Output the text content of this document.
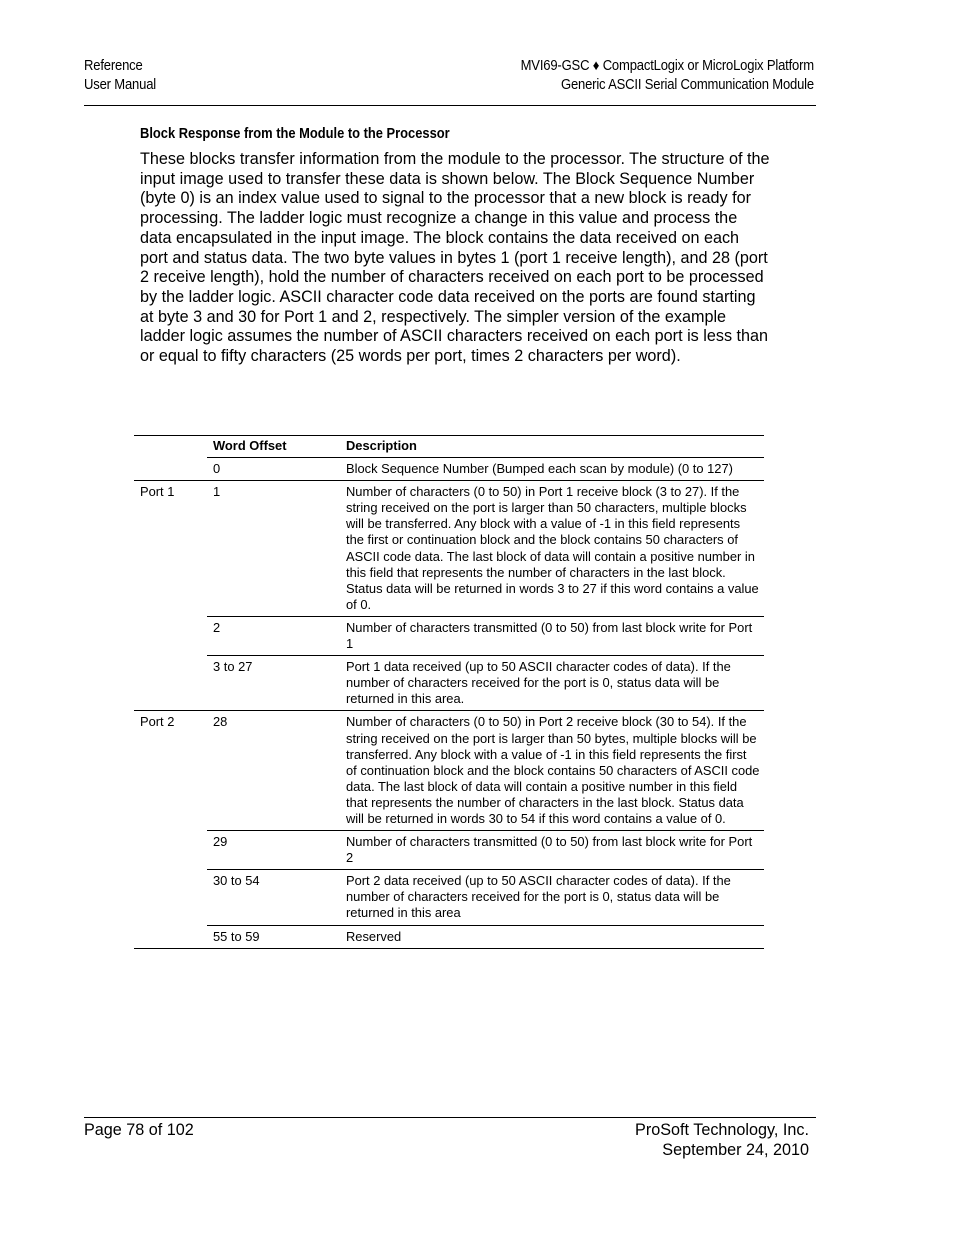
Reference
User Manual
MVI69-GSC ♦ CompactLogix or MicroLogix Platform
Generic ASCII Serial Communication Module
Block Response from the Module to the Processor

These blocks transfer information from the module to the processor. The structure of the input image used to transfer these data is shown below. The Block Sequence Number (byte 0) is an index value used to signal to the processor that a new block is ready for processing. The ladder logic must recognize a change in this value and process the data encapsulated in the input image. The block contains the data received on each port and status data. The two byte values in bytes 1 (port 1 receive length), and 28 (port 2 receive length), hold the number of characters received on each port to be processed by the ladder logic. ASCII character code data received on the ports are found starting at byte 3 and 30 for Port 1 and 2, respectively. The simpler version of the example ladder logic assumes the number of ASCII characters received on each port is less than or equal to fifty characters (25 words per port, times 2 characters per word).

	Word Offset	Description
	0	Block Sequence Number (Bumped each scan by module) (0 to 127)
Port 1	1	Number of characters (0 to 50) in Port 1 receive block (3 to 27). If the string received on the port is larger than 50 characters, multiple blocks will be transferred. Any block with a value of -1 in this field represents the first or continuation block and the block contains 50 characters of ASCII code data. The last block of data will contain a positive number in this field that represents the number of characters in the last block. Status data will be returned in words 3 to 27 if this word contains a value of 0.
	2	Number of characters transmitted (0 to 50) from last block write for Port 1
	3 to 27	Port 1 data received (up to 50 ASCII character codes of data). If the number of characters received for the port is 0, status data will be returned in this area.
Port 2	28	Number of characters (0 to 50) in Port 2 receive block (30 to 54). If the string received on the port is larger than 50 bytes, multiple blocks will be transferred. Any block with a value of -1 in this field represents the first of continuation block and the block contains 50 characters of ASCII code data. The last block of data will contain a positive number in this field that represents the number of characters in the last block. Status data will be returned in words 30 to 54 if this word contains a value of 0.
	29	Number of characters transmitted (0 to 50) from last block write for Port 2
	30 to 54	Port 2 data received (up to 50 ASCII character codes of data). If the number of characters received for the port is 0, status data will be returned in this area
	55 to 59	Reserved
Page 78 of 102	ProSoft Technology, Inc.
September 24, 2010
